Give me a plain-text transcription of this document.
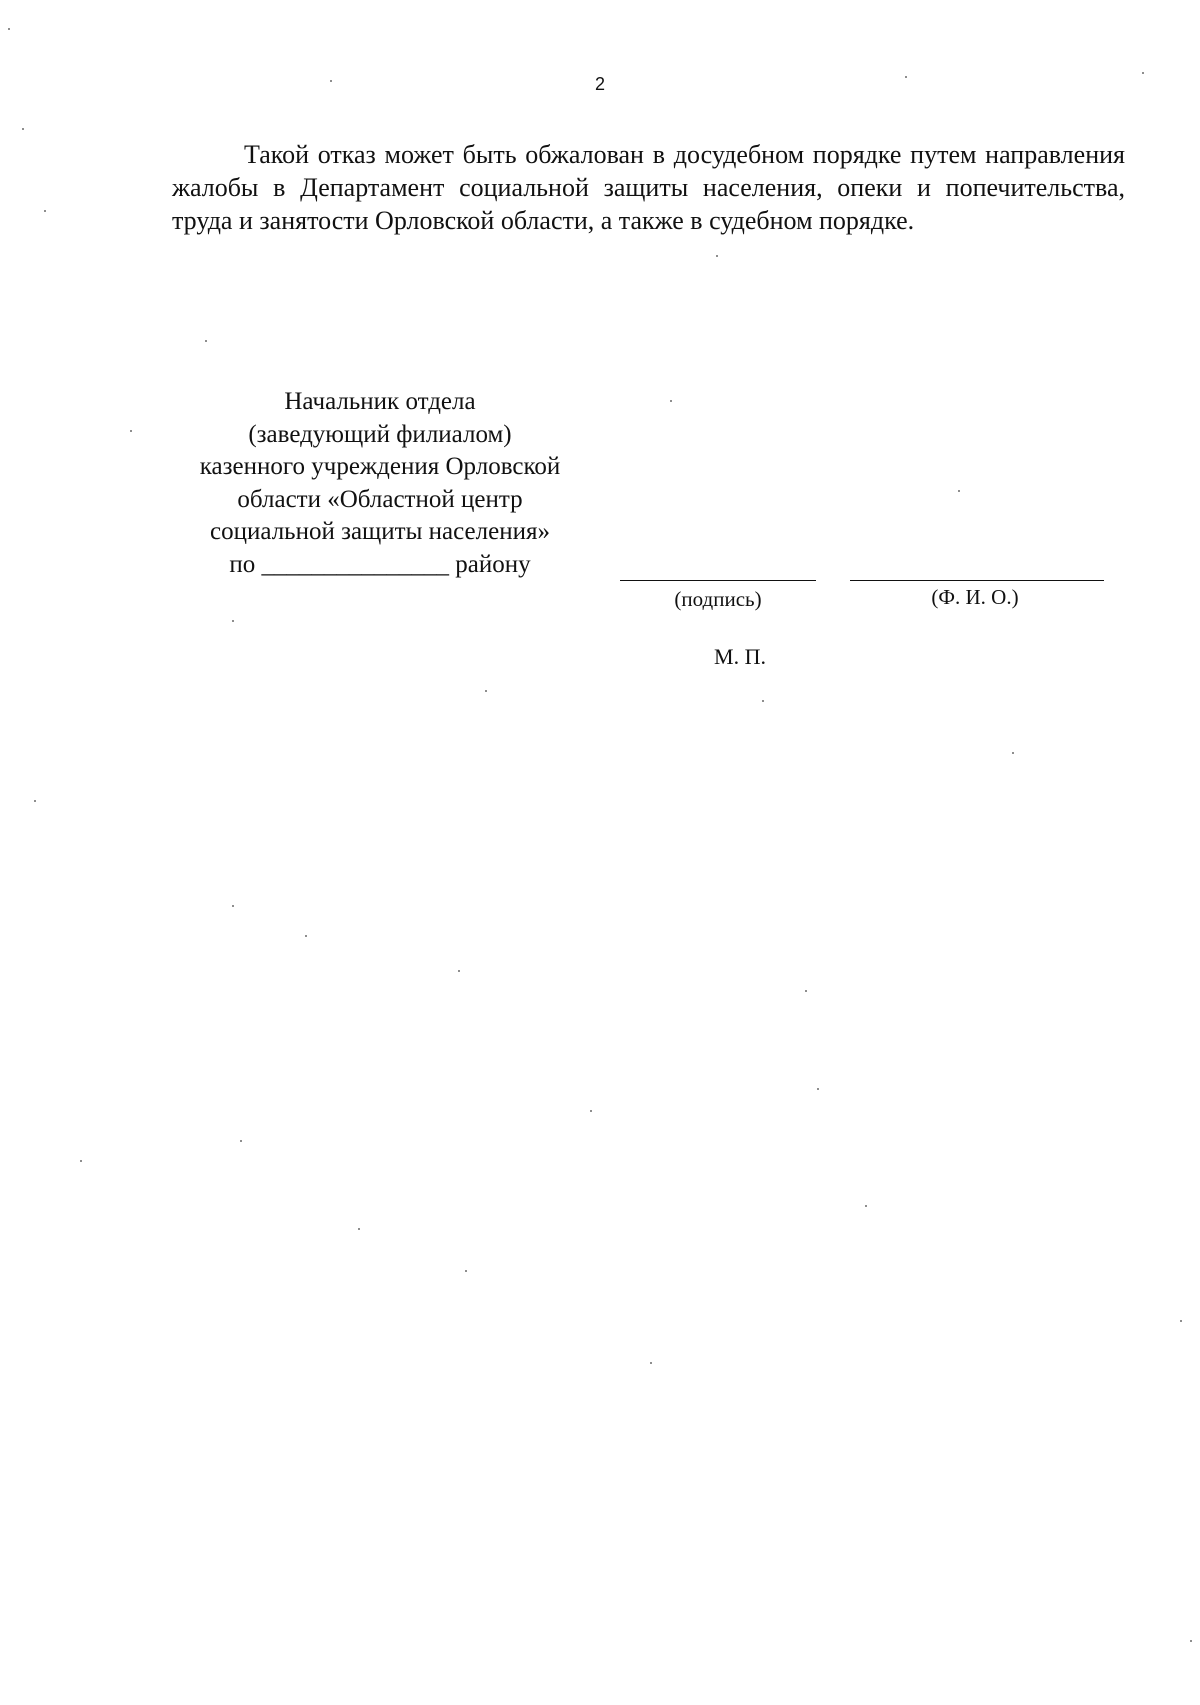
2
Такой отказ может быть обжалован в досудебном порядке путем направления жалобы в Департамент социальной защиты населения, опеки и попечительства, труда и занятости Орловской области, а также в судебном порядке.
Начальник отдела
(заведующий филиалом)
казенного учреждения Орловской
области «Областной центр
социальной защиты населения»
по _______________ району
(подпись)	(Ф. И. О.)
М. П.
